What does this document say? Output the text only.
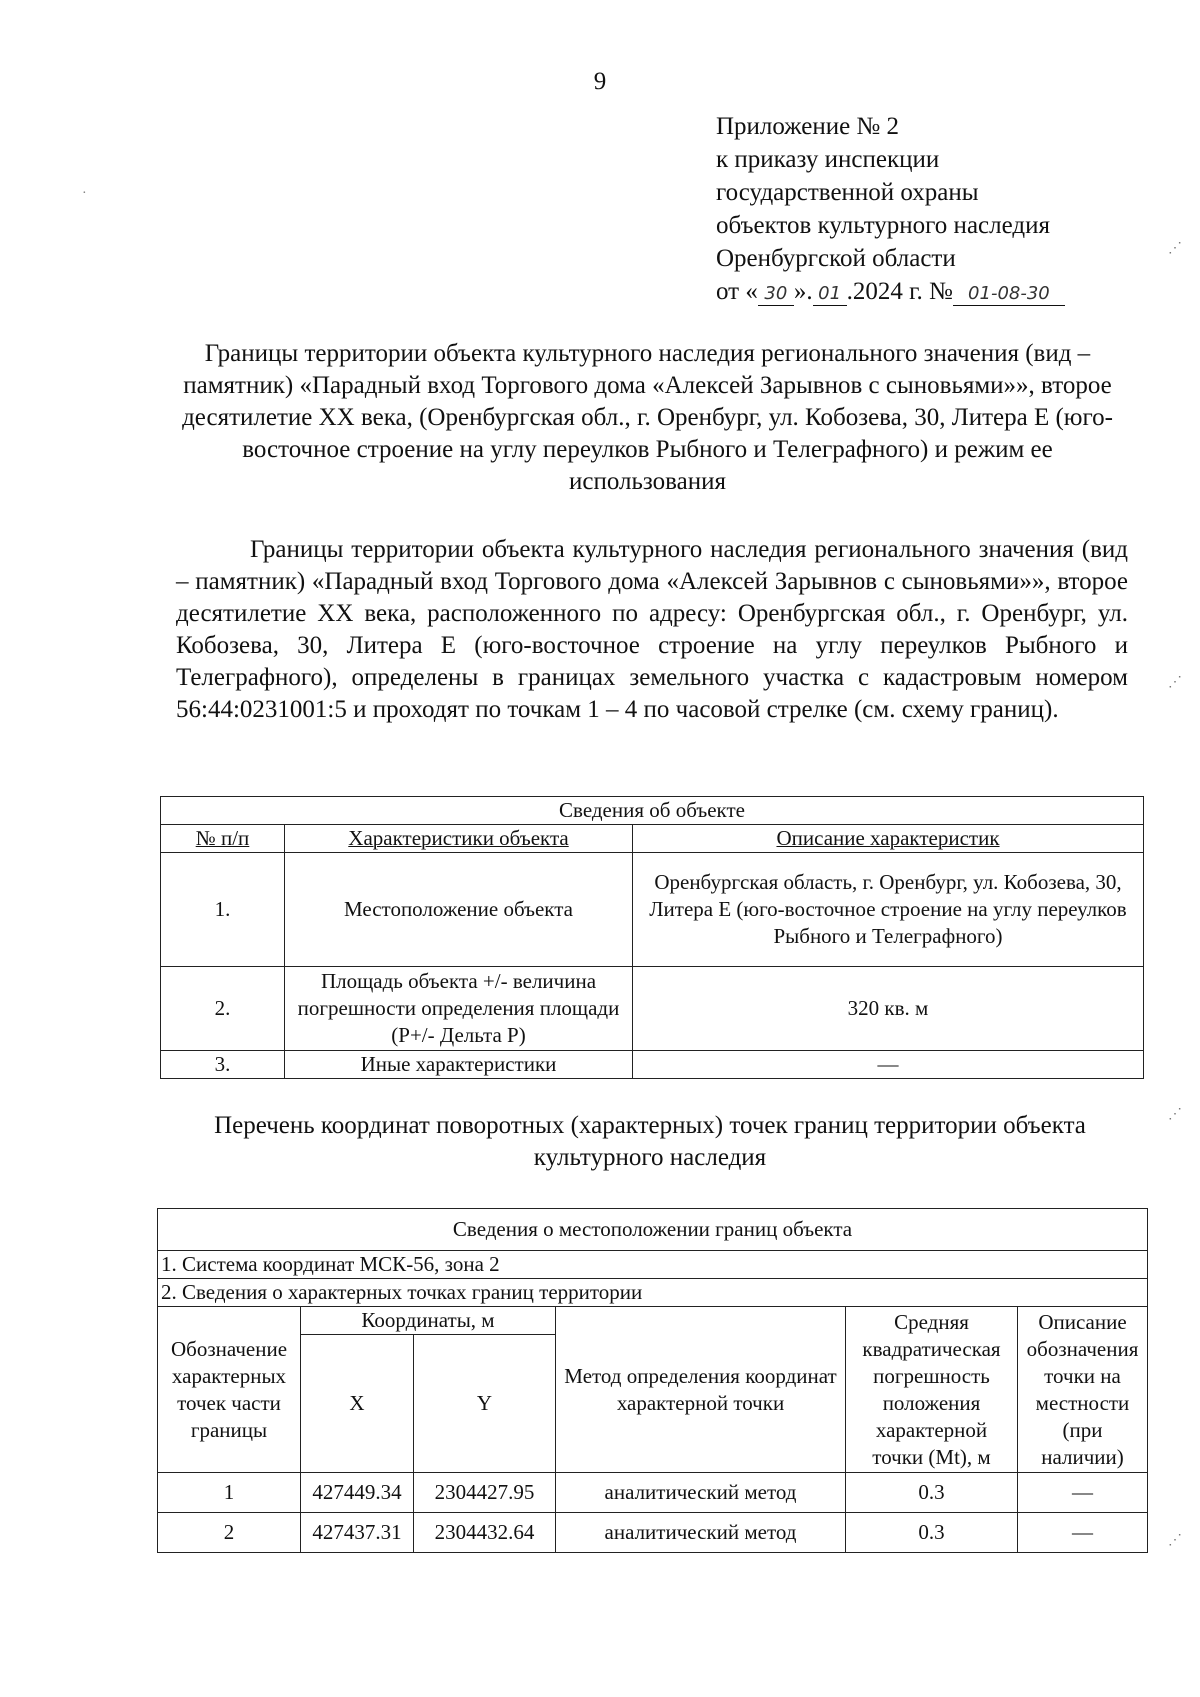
9
Приложение № 2
к приказу инспекции
государственной охраны
объектов культурного наследия
Оренбургской области
от « 30 ». 01 .2024 г. № 01-08-30
Границы территории объекта культурного наследия регионального значения (вид – памятник) «Парадный вход Торгового дома «Алексей Зарывнов с сыновьями»», второе десятилетие XX века, (Оренбургская обл., г. Оренбург, ул. Кобозева, 30, Литера Е (юго-восточное строение на углу переулков Рыбного и Телеграфного) и режим ее использования
Границы территории объекта культурного наследия регионального значения (вид – памятник) «Парадный вход Торгового дома «Алексей Зарывнов с сыновьями»», второе десятилетие XX века, расположенного по адресу: Оренбургская обл., г. Оренбург, ул. Кобозева, 30, Литера Е (юго-восточное строение на углу переулков Рыбного и Телеграфного), определены в границах земельного участка с кадастровым номером 56:44:0231001:5 и проходят по точкам 1 – 4 по часовой стрелке (см. схему границ).
Сведения об объекте		
№ п/п	Характеристики объекта	Описание характеристик
1.	Местоположение объекта	Оренбургская область, г. Оренбург, ул. Кобозева, 30, Литера Е (юго-восточное строение на углу переулков Рыбного и Телеграфного)
2.	Площадь объекта +/- величина погрешности определения площади (Р+/- Дельта Р)	320 кв. м
3.	Иные характеристики	—
Перечень координат поворотных (характерных) точек границ территории объекта культурного наследия
Сведения о местоположении границ объекта					
1. Система координат МСК-56, зона 2					
2. Сведения о характерных точках границ территории					
Обозначение характерных точек части границы	Координаты, м		Метод определения координат характерной точки	Средняя квадратическая погрешность положения характерной точки (Mt), м	Описание обозначения точки на местности (при наличии)
	X	Y			
1	427449.34	2304427.95	аналитический метод	0.3	—
2	427437.31	2304432.64	аналитический метод	0.3	—
·
⋰
⋰
⋰
⋰
